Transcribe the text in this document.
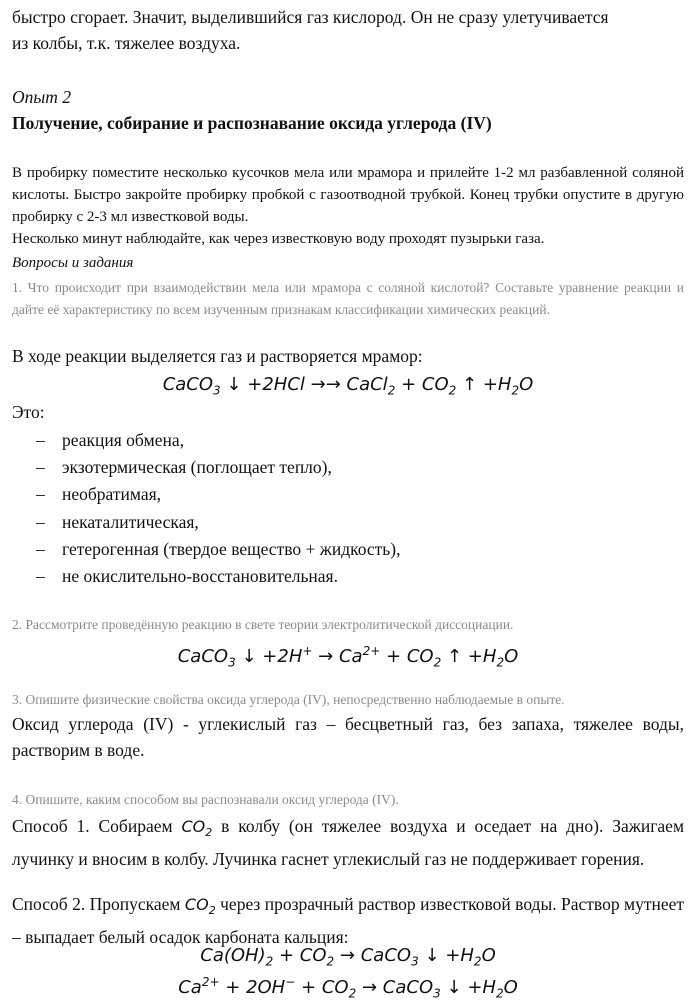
быстро сгорает. Значит, выделившийся газ кислород. Он не сразу улетучивается
из колбы, т.к. тяжелее воздуха.
Опыт 2
Получение, собирание и распознавание оксида углерода (IV)
В пробирку поместите несколько кусочков мела или мрамора и прилейте 1-2 мл разбавленной соляной кислоты. Быстро закройте пробирку пробкой с газоотводной трубкой. Конец трубки опустите в другую пробирку с 2-3 мл известковой воды.
Несколько минут наблюдайте, как через известковую воду проходят пузырьки газа.
Вопросы и задания
1. Что происходит при взаимодействии мела или мрамора с соляной кислотой? Составьте уравнение реакции и дайте её характеристику по всем изученным признакам классификации химических реакций.
В ходе реакции выделяется газ и растворяется мрамор:
CaCO$_3$ ↓ +2HCl →→ CaCl$_2$ + $CO_2$ ↑ $+H_2O$
Это:
– реакция обмена,
– экзотермическая (поглощает тепло),
– необратимая,
– некаталитическая,
– гетерогенная (твердое вещество + жидкость),
– не окислительно-восстановительная.
2. Рассмотрите проведённую реакцию в свете теории электролитической диссоциации.
CaCO$_3$ ↓ $+2H^+ \to Ca^{2+} + CO_2$ ↑ $+H_2O$
3. Опишите физические свойства оксида углерода (IV), непосредственно наблюдаемые в опыте.
Оксид углерода (IV) - углекислый газ – бесцветный газ, без запаха, тяжелее воды, растворим в воде.
4. Опишите, каким способом вы распознавали оксид углерода (IV).
Способ 1. Собираем $CO_2$ в колбу (он тяжелее воздуха и оседает на дно). Зажигаем лучинку и вносим в колбу. Лучинка гаснет углекислый газ не поддерживает горения.
Способ 2. Пропускаем $CO_2$ через прозрачный раствор известковой воды. Раствор мутнеет – выпадает белый осадок карбоната кальция:
$Ca(OH)_2 + CO_2$ → CaCO$_3$ ↓ $+H_2O$
$Ca^{2+} + 2OH^- + CO_2$ → CaCO$_3$ ↓ $+H_2O$
